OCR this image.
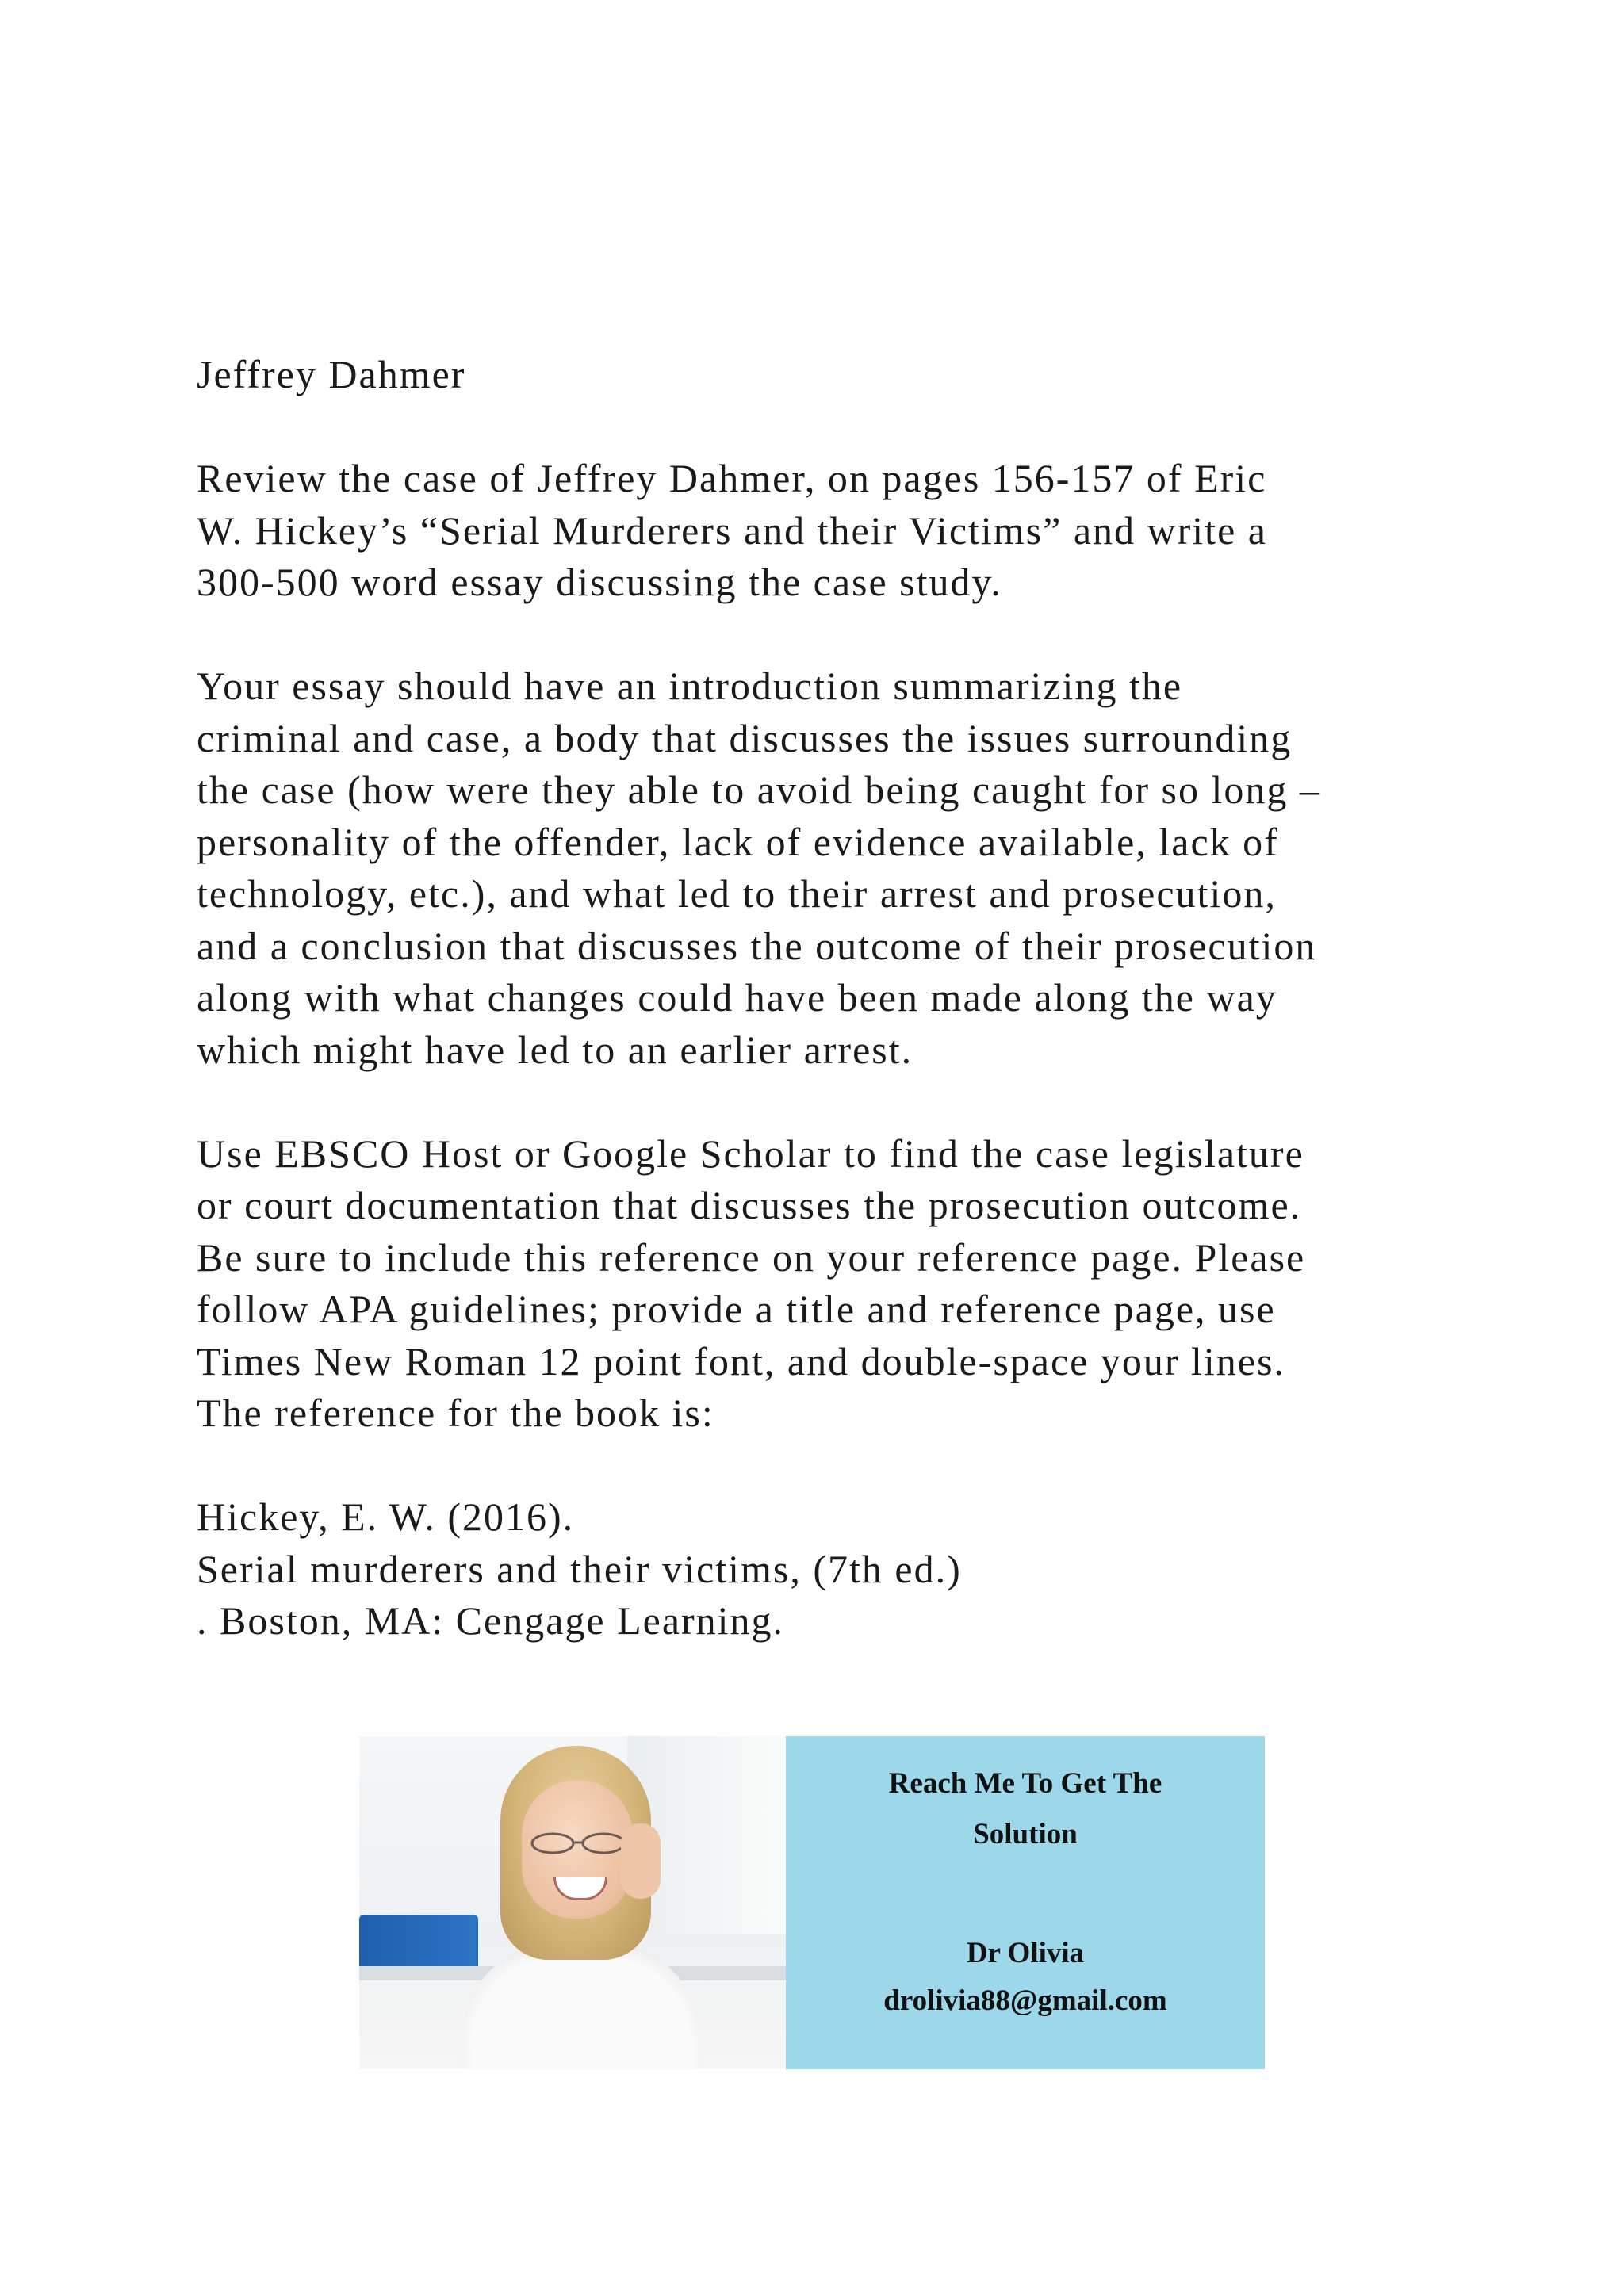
Jeffrey Dahmer
Review the case of Jeffrey Dahmer, on pages 156-157 of Eric
W. Hickey’s “Serial Murderers and their Victims” and write a
300-500 word essay discussing the case study.
Your essay should have an introduction summarizing the
criminal and case, a body that discusses the issues surrounding
the case (how were they able to avoid being caught for so long –
personality of the offender, lack of evidence available, lack of
technology, etc.), and what led to their arrest and prosecution,
and a conclusion that discusses the outcome of their prosecution
along with what changes could have been made along the way
which might have led to an earlier arrest.
Use EBSCO Host or Google Scholar to find the case legislature
or court documentation that discusses the prosecution outcome.
Be sure to include this reference on your reference page. Please
follow APA guidelines; provide a title and reference page, use
Times New Roman 12 point font, and double-space your lines.
The reference for the book is:
Hickey, E. W. (2016).
Serial murderers and their victims, (7th ed.)
. Boston, MA: Cengage Learning.
Reach Me To Get The
Solution
Dr Olivia
drolivia88@gmail.com
